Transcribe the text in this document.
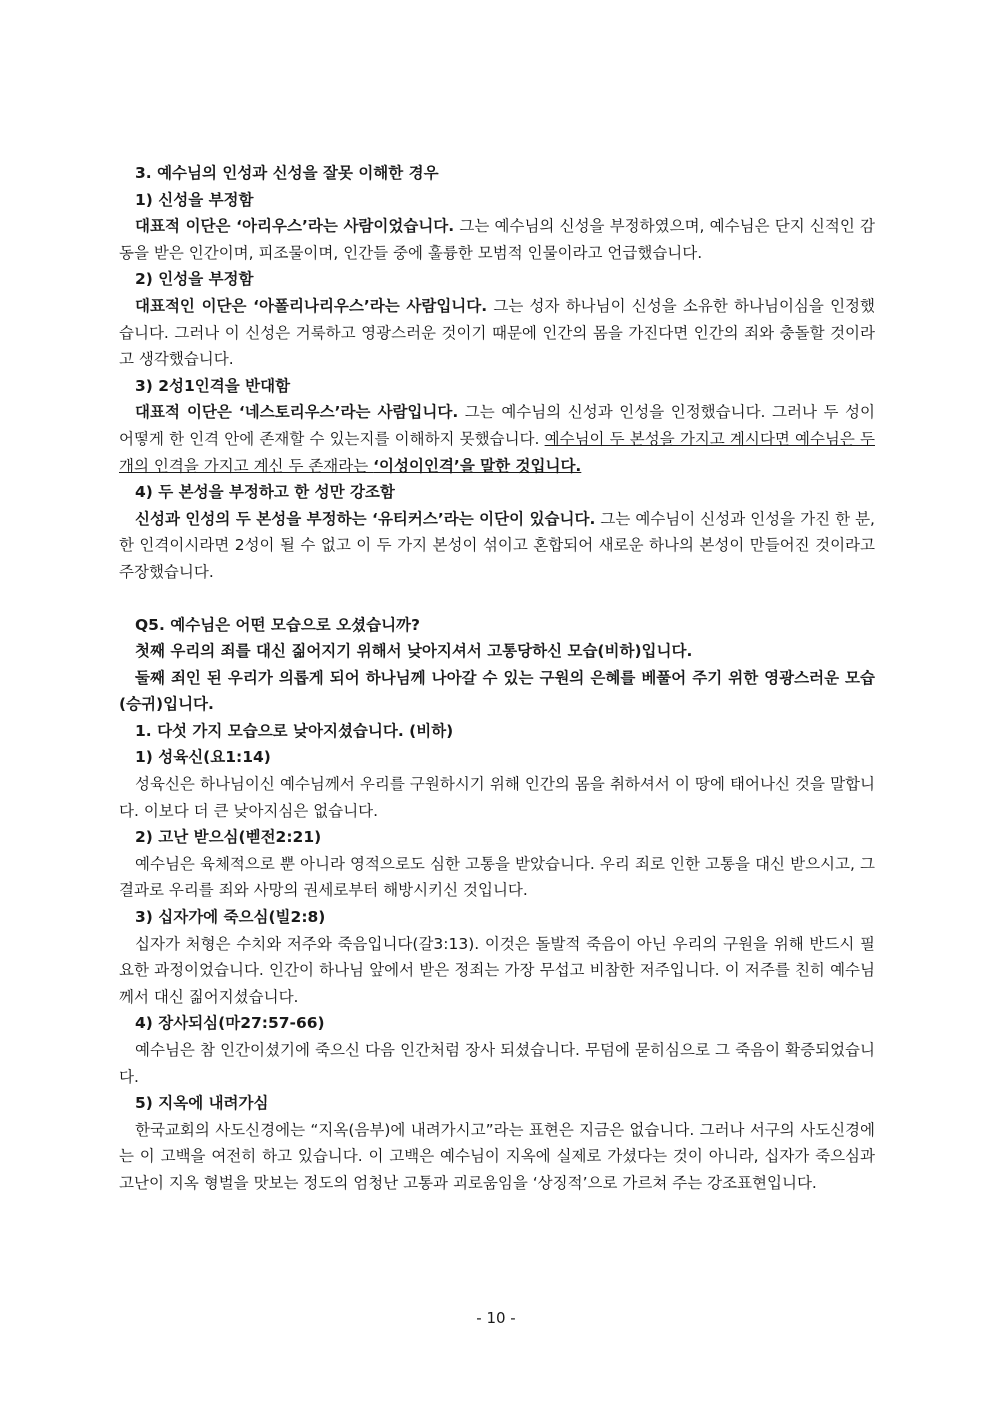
3. 예수님의 인성과 신성을 잘못 이해한 경우
1) 신성을 부정함

대표적 이단은 ‘아리우스’라는 사람이었습니다. 그는 예수님의 신성을 부정하였으며, 예수님은 단지 신적인 감동을 받은 인간이며, 피조물이며, 인간들 중에 훌륭한 모범적 인물이라고 언급했습니다.

2) 인성을 부정함

대표적인 이단은 ‘아폴리나리우스’라는 사람입니다. 그는 성자 하나님이 신성을 소유한 하나님이심을 인정했습니다. 그러나 이 신성은 거룩하고 영광스러운 것이기 때문에 인간의 몸을 가진다면 인간의 죄와 충돌할 것이라고 생각했습니다.

3) 2성1인격을 반대함

대표적 이단은 ‘네스토리우스’라는 사람입니다. 그는 예수님의 신성과 인성을 인정했습니다. 그러나 두 성이 어떻게 한 인격 안에 존재할 수 있는지를 이해하지 못했습니다. 예수님이 두 본성을 가지고 계시다면 예수님은 두 개의 인격을 가지고 계신 두 존재라는 ‘이성이인격’을 말한 것입니다.

4) 두 본성을 부정하고 한 성만 강조함

신성과 인성의 두 본성을 부정하는 ‘유티커스’라는 이단이 있습니다. 그는 예수님이 신성과 인성을 가진 한 분, 한 인격이시라면 2성이 될 수 없고 이 두 가지 본성이 섞이고 혼합되어 새로운 하나의 본성이 만들어진 것이라고 주장했습니다.

Q5. 예수님은 어떤 모습으로 오셨습니까?

첫째 우리의 죄를 대신 짊어지기 위해서 낮아지셔서 고통당하신 모습(비하)입니다.

둘째 죄인 된 우리가 의롭게 되어 하나님께 나아갈 수 있는 구원의 은혜를 베풀어 주기 위한 영광스러운 모습(승귀)입니다.

1. 다섯 가지 모습으로 낮아지셨습니다. (비하)
1) 성육신(요1:14)

성육신은 하나님이신 예수님께서 우리를 구원하시기 위해 인간의 몸을 취하셔서 이 땅에 태어나신 것을 말합니다. 이보다 더 큰 낮아지심은 없습니다.

2) 고난 받으심(벧전2:21)

예수님은 육체적으로 뿐 아니라 영적으로도 심한 고통을 받았습니다. 우리 죄로 인한 고통을 대신 받으시고, 그 결과로 우리를 죄와 사망의 권세로부터 해방시키신 것입니다.

3) 십자가에 죽으심(빌2:8)

십자가 처형은 수치와 저주와 죽음입니다(갈3:13). 이것은 돌발적 죽음이 아닌 우리의 구원을 위해 반드시 필요한 과정이었습니다. 인간이 하나님 앞에서 받은 정죄는 가장 무섭고 비참한 저주입니다. 이 저주를 친히 예수님께서 대신 짊어지셨습니다.

4) 장사되심(마27:57-66)

예수님은 참 인간이셨기에 죽으신 다음 인간처럼 장사 되셨습니다. 무덤에 묻히심으로 그 죽음이 확증되었습니다.

5) 지옥에 내려가심

한국교회의 사도신경에는 “지옥(음부)에 내려가시고”라는 표현은 지금은 없습니다. 그러나 서구의 사도신경에는 이 고백을 여전히 하고 있습니다. 이 고백은 예수님이 지옥에 실제로 가셨다는 것이 아니라, 십자가 죽으심과 고난이 지옥 형벌을 맛보는 정도의 엄청난 고통과 괴로움임을 ‘상징적’으로 가르쳐 주는 강조표현입니다.

- 10 -
